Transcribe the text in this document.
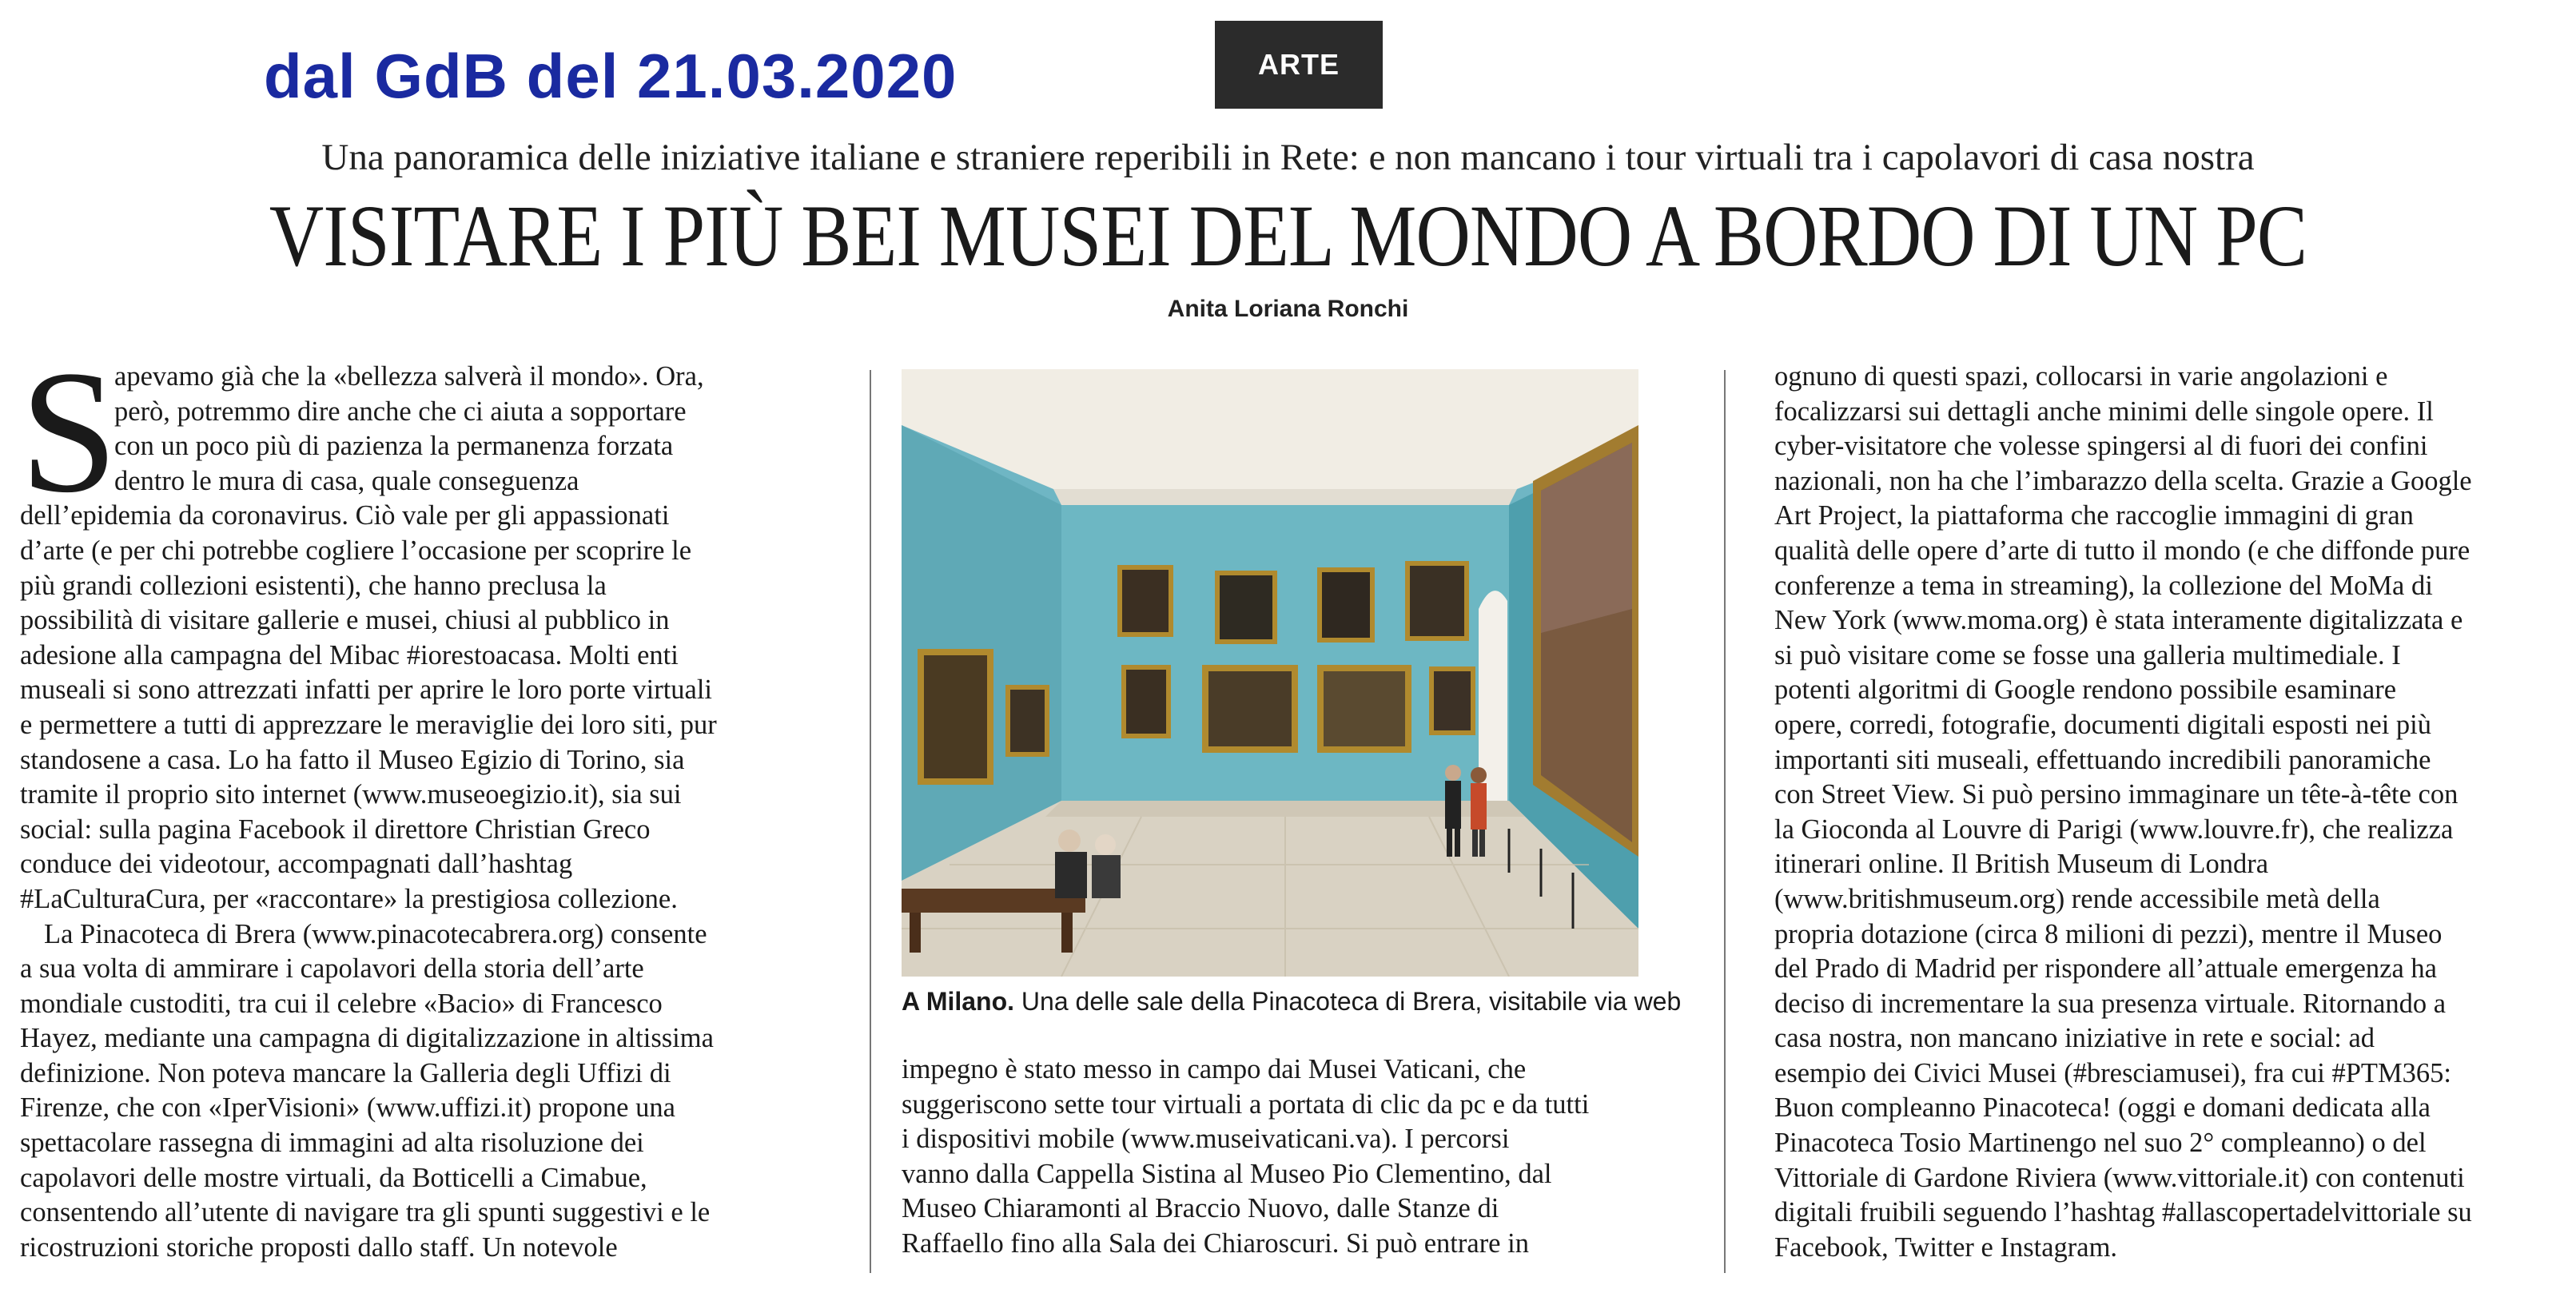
dal GdB del 21.03.2020	ARTE
Una panoramica delle iniziative italiane e straniere reperibili in Rete: e non mancano i tour virtuali tra i capolavori di casa nostra
VISITARE I PIÙ BEI MUSEI DEL MONDO A BORDO DI UN PC
Anita Loriana Ronchi
S
apevamo già che la «bellezza salverà il mondo». Ora,
però, potremmo dire anche che ci aiuta a sopportare
con un poco più di pazienza la permanenza forzata
dentro le mura di casa, quale conseguenza
dell’epidemia da coronavirus. Ciò vale per gli appassionati
d’arte (e per chi potrebbe cogliere l’occasione per scoprire le
più grandi collezioni esistenti), che hanno preclusa la
possibilità di visitare gallerie e musei, chiusi al pubblico in
adesione alla campagna del Mibac #iorestoacasa. Molti enti
museali si sono attrezzati infatti per aprire le loro porte virtuali
e permettere a tutti di apprezzare le meraviglie dei loro siti, pur
standosene a casa. Lo ha fatto il Museo Egizio di Torino, sia
tramite il proprio sito internet (www.museoegizio.it), sia sui
social: sulla pagina Facebook il direttore Christian Greco
conduce dei videotour, accompagnati dall’hashtag
#LaCulturaCura, per «raccontare» la prestigiosa collezione.
La Pinacoteca di Brera (www.pinacotecabrera.org) consente
a sua volta di ammirare i capolavori della storia dell’arte
mondiale custoditi, tra cui il celebre «Bacio» di Francesco
Hayez, mediante una campagna di digitalizzazione in altissima
definizione. Non poteva mancare la Galleria degli Uffizi di
Firenze, che con «IperVisioni» (www.uffizi.it) propone una
spettacolare rassegna di immagini ad alta risoluzione dei
capolavori delle mostre virtuali, da Botticelli a Cimabue,
consentendo all’utente di navigare tra gli spunti suggestivi e le
ricostruzioni storiche proposti dallo staff. Un notevole
A Milano. Una delle sale della Pinacoteca di Brera, visitabile via web
impegno è stato messo in campo dai Musei Vaticani, che
suggeriscono sette tour virtuali a portata di clic da pc e da tutti
i dispositivi mobile (www.museivaticani.va). I percorsi
vanno dalla Cappella Sistina al Museo Pio Clementino, dal
Museo Chiaramonti al Braccio Nuovo, dalle Stanze di
Raffaello fino alla Sala dei Chiaroscuri. Si può entrare in
ognuno di questi spazi, collocarsi in varie angolazioni e
focalizzarsi sui dettagli anche minimi delle singole opere. Il
cyber-visitatore che volesse spingersi al di fuori dei confini
nazionali, non ha che l’imbarazzo della scelta. Grazie a Google
Art Project, la piattaforma che raccoglie immagini di gran
qualità delle opere d’arte di tutto il mondo (e che diffonde pure
conferenze a tema in streaming), la collezione del MoMa di
New York (www.moma.org) è stata interamente digitalizzata e
si può visitare come se fosse una galleria multimediale. I
potenti algoritmi di Google rendono possibile esaminare
opere, corredi, fotografie, documenti digitali esposti nei più
importanti siti museali, effettuando incredibili panoramiche
con Street View. Si può persino immaginare un tête-à-tête con
la Gioconda al Louvre di Parigi (www.louvre.fr), che realizza
itinerari online. Il British Museum di Londra
(www.britishmuseum.org) rende accessibile metà della
propria dotazione (circa 8 milioni di pezzi), mentre il Museo
del Prado di Madrid per rispondere all’attuale emergenza ha
deciso di incrementare la sua presenza virtuale. Ritornando a
casa nostra, non mancano iniziative in rete e social: ad
esempio dei Civici Musei (#bresciamusei), fra cui #PTM365:
Buon compleanno Pinacoteca! (oggi e domani dedicata alla
Pinacoteca Tosio Martinengo nel suo 2° compleanno) o del
Vittoriale di Gardone Riviera (www.vittoriale.it) con contenuti
digitali fruibili seguendo l’hashtag #allascopertadelvittoriale su
Facebook, Twitter e Instagram.
